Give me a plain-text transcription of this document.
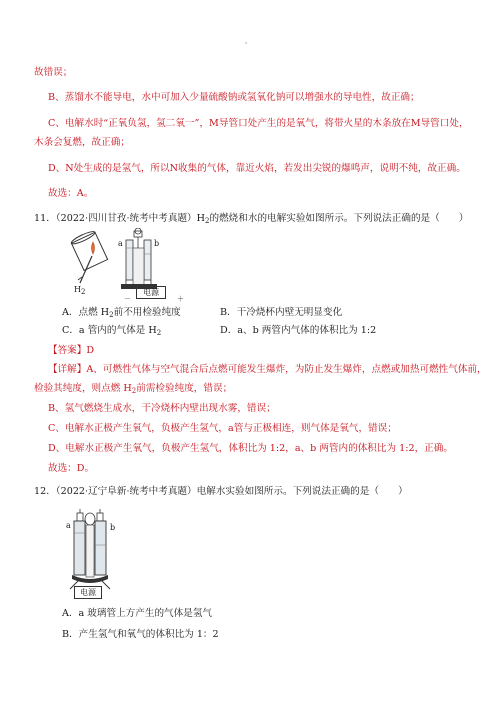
故错误；
B、蒸馏水不能导电，水中可加入少量硫酸钠或氢氧化钠可以增强水的导电性，故正确；
C、电解水时“正氧负氢，氢二氧一”，M导管口处产生的是氧气，将带火星的木条放在M导管口处，
木条会复燃，故正确；
D、N处生成的是氢气，所以N收集的气体，靠近火焰，若发出尖锐的爆鸣声，说明不纯，故正确。
故选：A。
11．（2022·四川甘孜·统考中考真题）$H_2$的燃烧和水的电解实验如图所示。下列说法正确的是（　　）
$H_2$
a	b
－
电源
＋
A．点燃 $H_2$前不用检验纯度	B．干冷烧杯内壁无明显变化
C．a 管内的气体是 $H_2$	D．a、b 两管内气体的体积比为 1:2
【答案】D
【详解】A、可燃性气体与空气混合后点燃可能发生爆炸，为防止发生爆炸，点燃或加热可燃性气体前，
检验其纯度，则点燃 $H_2$前需检验纯度，错误；
B、氢气燃烧生成水，干冷烧杯内壁出现水雾，错误；
C、电解水正极产生氧气，负极产生氢气，a管与正极相连，则气体是氧气，错误；
D、电解水正极产生氧气，负极产生氢气，体积比为 1:2，a、b 两管内的体积比为 1:2，正确。
故选：D。
12．（2022·辽宁阜新·统考中考真题）电解水实验如图所示。下列说法正确的是（　　）
a	b
电源
A．a 玻璃管上方产生的气体是氢气
B．产生氢气和氧气的体积比为 1：2
